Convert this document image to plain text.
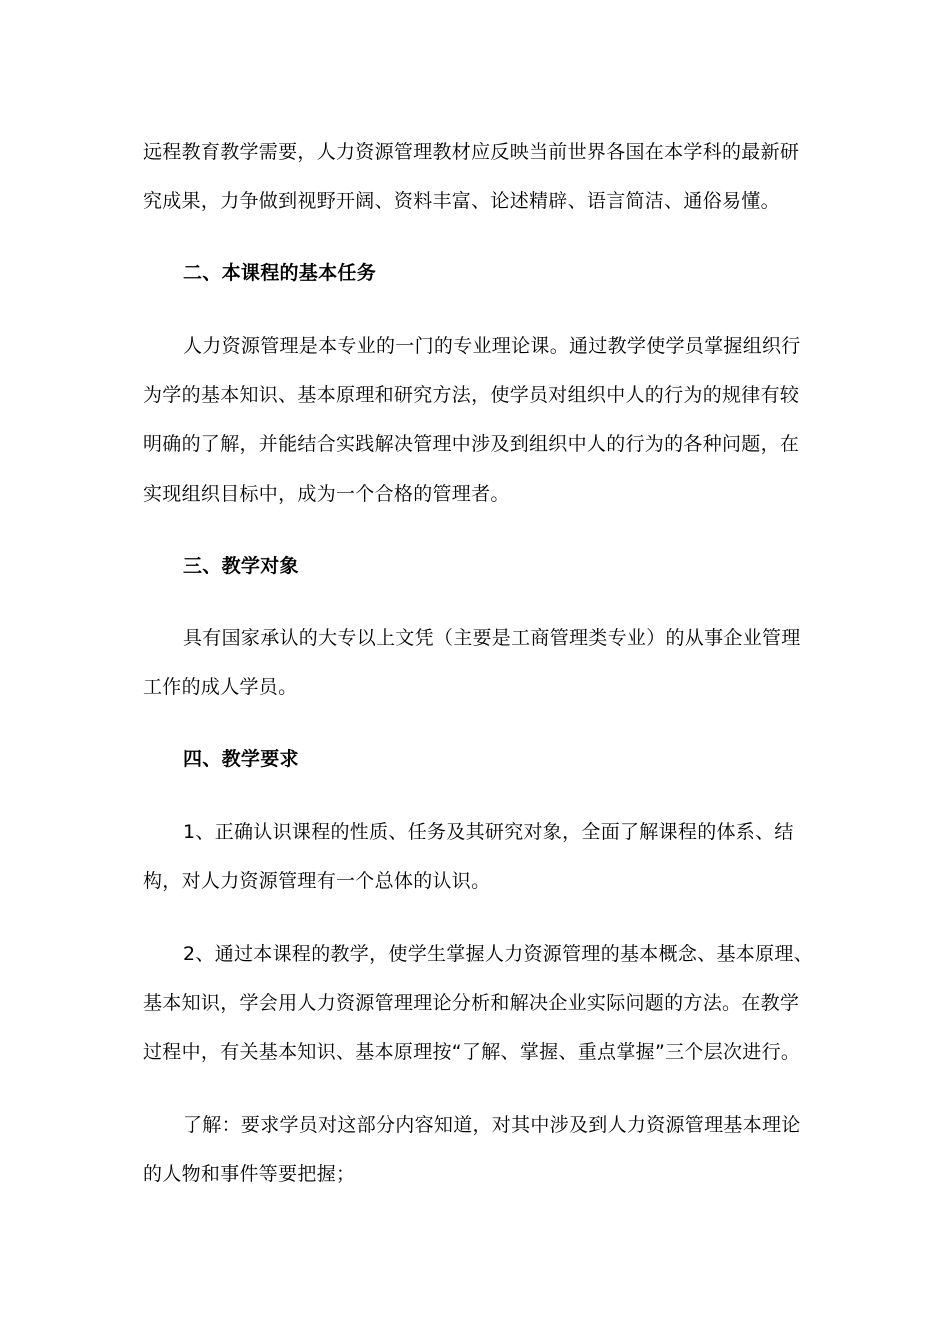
远程教育教学需要，人力资源管理教材应反映当前世界各国在本学科的最新研
究成果，力争做到视野开阔、资料丰富、论述精辟、语言简洁、通俗易懂。
二、本课程的基本任务
人力资源管理是本专业的一门的专业理论课。通过教学使学员掌握组织行
为学的基本知识、基本原理和研究方法，使学员对组织中人的行为的规律有较
明确的了解，并能结合实践解决管理中涉及到组织中人的行为的各种问题，在
实现组织目标中，成为一个合格的管理者。
三、教学对象
具有国家承认的大专以上文凭（主要是工商管理类专业）的从事企业管理
工作的成人学员。
四、教学要求
1、正确认识课程的性质、任务及其研究对象，全面了解课程的体系、结
构，对人力资源管理有一个总体的认识。
2、通过本课程的教学，使学生掌握人力资源管理的基本概念、基本原理、
基本知识，学会用人力资源管理理论分析和解决企业实际问题的方法。在教学
过程中，有关基本知识、基本原理按“了解、掌握、重点掌握”三个层次进行。
了解：要求学员对这部分内容知道，对其中涉及到人力资源管理基本理论
的人物和事件等要把握；
